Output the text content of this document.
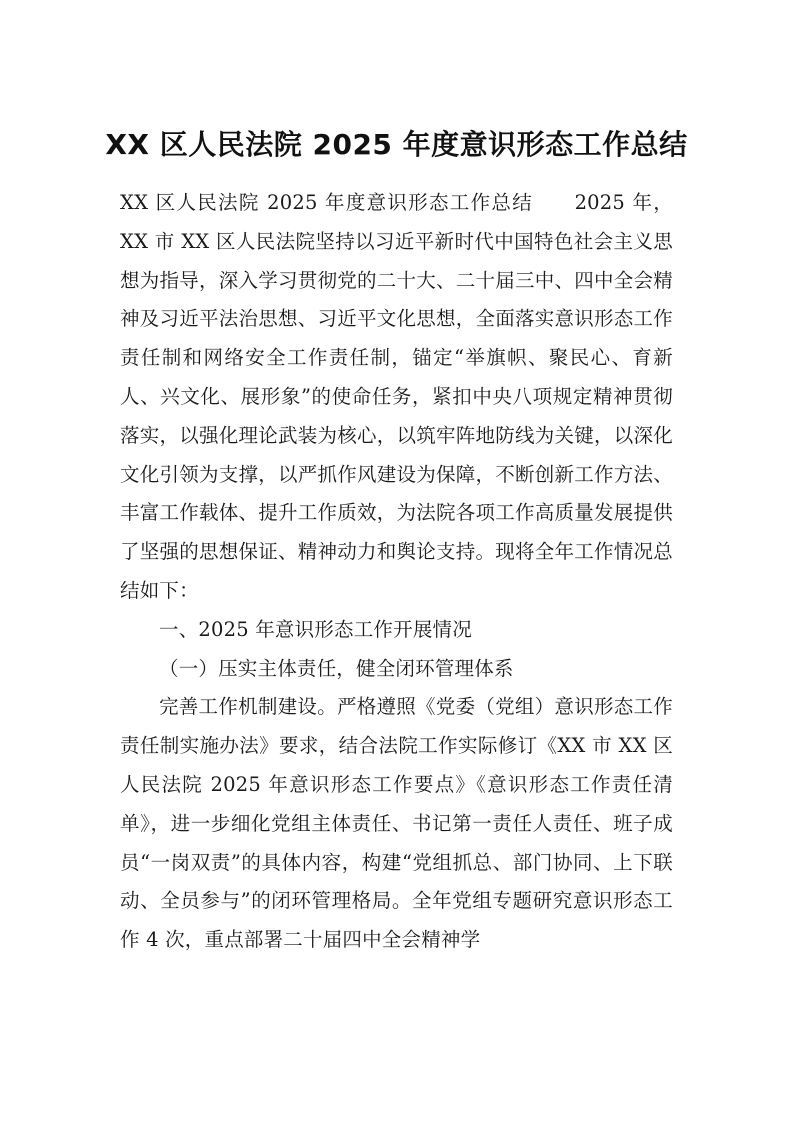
XX 区人民法院 2025 年度意识形态工作总结

XX 区人民法院 2025 年度意识形态工作总结　　2025 年，XX 市 XX 区人民法院坚持以习近平新时代中国特色社会主义思想为指导，深入学习贯彻党的二十大、二十届三中、四中全会精神及习近平法治思想、习近平文化思想，全面落实意识形态工作责任制和网络安全工作责任制，锚定“举旗帜、聚民心、育新人、兴文化、展形象”的使命任务，紧扣中央八项规定精神贯彻落实，以强化理论武装为核心，以筑牢阵地防线为关键，以深化文化引领为支撑，以严抓作风建设为保障，不断创新工作方法、丰富工作载体、提升工作质效，为法院各项工作高质量发展提供了坚强的思想保证、精神动力和舆论支持。现将全年工作情况总结如下：

一、2025 年意识形态工作开展情况

（一）压实主体责任，健全闭环管理体系

完善工作机制建设。严格遵照《党委（党组）意识形态工作责任制实施办法》要求，结合法院工作实际修订《XX 市 XX 区人民法院 2025 年意识形态工作要点》《意识形态工作责任清单》，进一步细化党组主体责任、书记第一责任人责任、班子成员“一岗双责”的具体内容，构建“党组抓总、部门协同、上下联动、全员参与”的闭环管理格局。全年党组专题研究意识形态工作 4 次，重点部署二十届四中全会精神学
